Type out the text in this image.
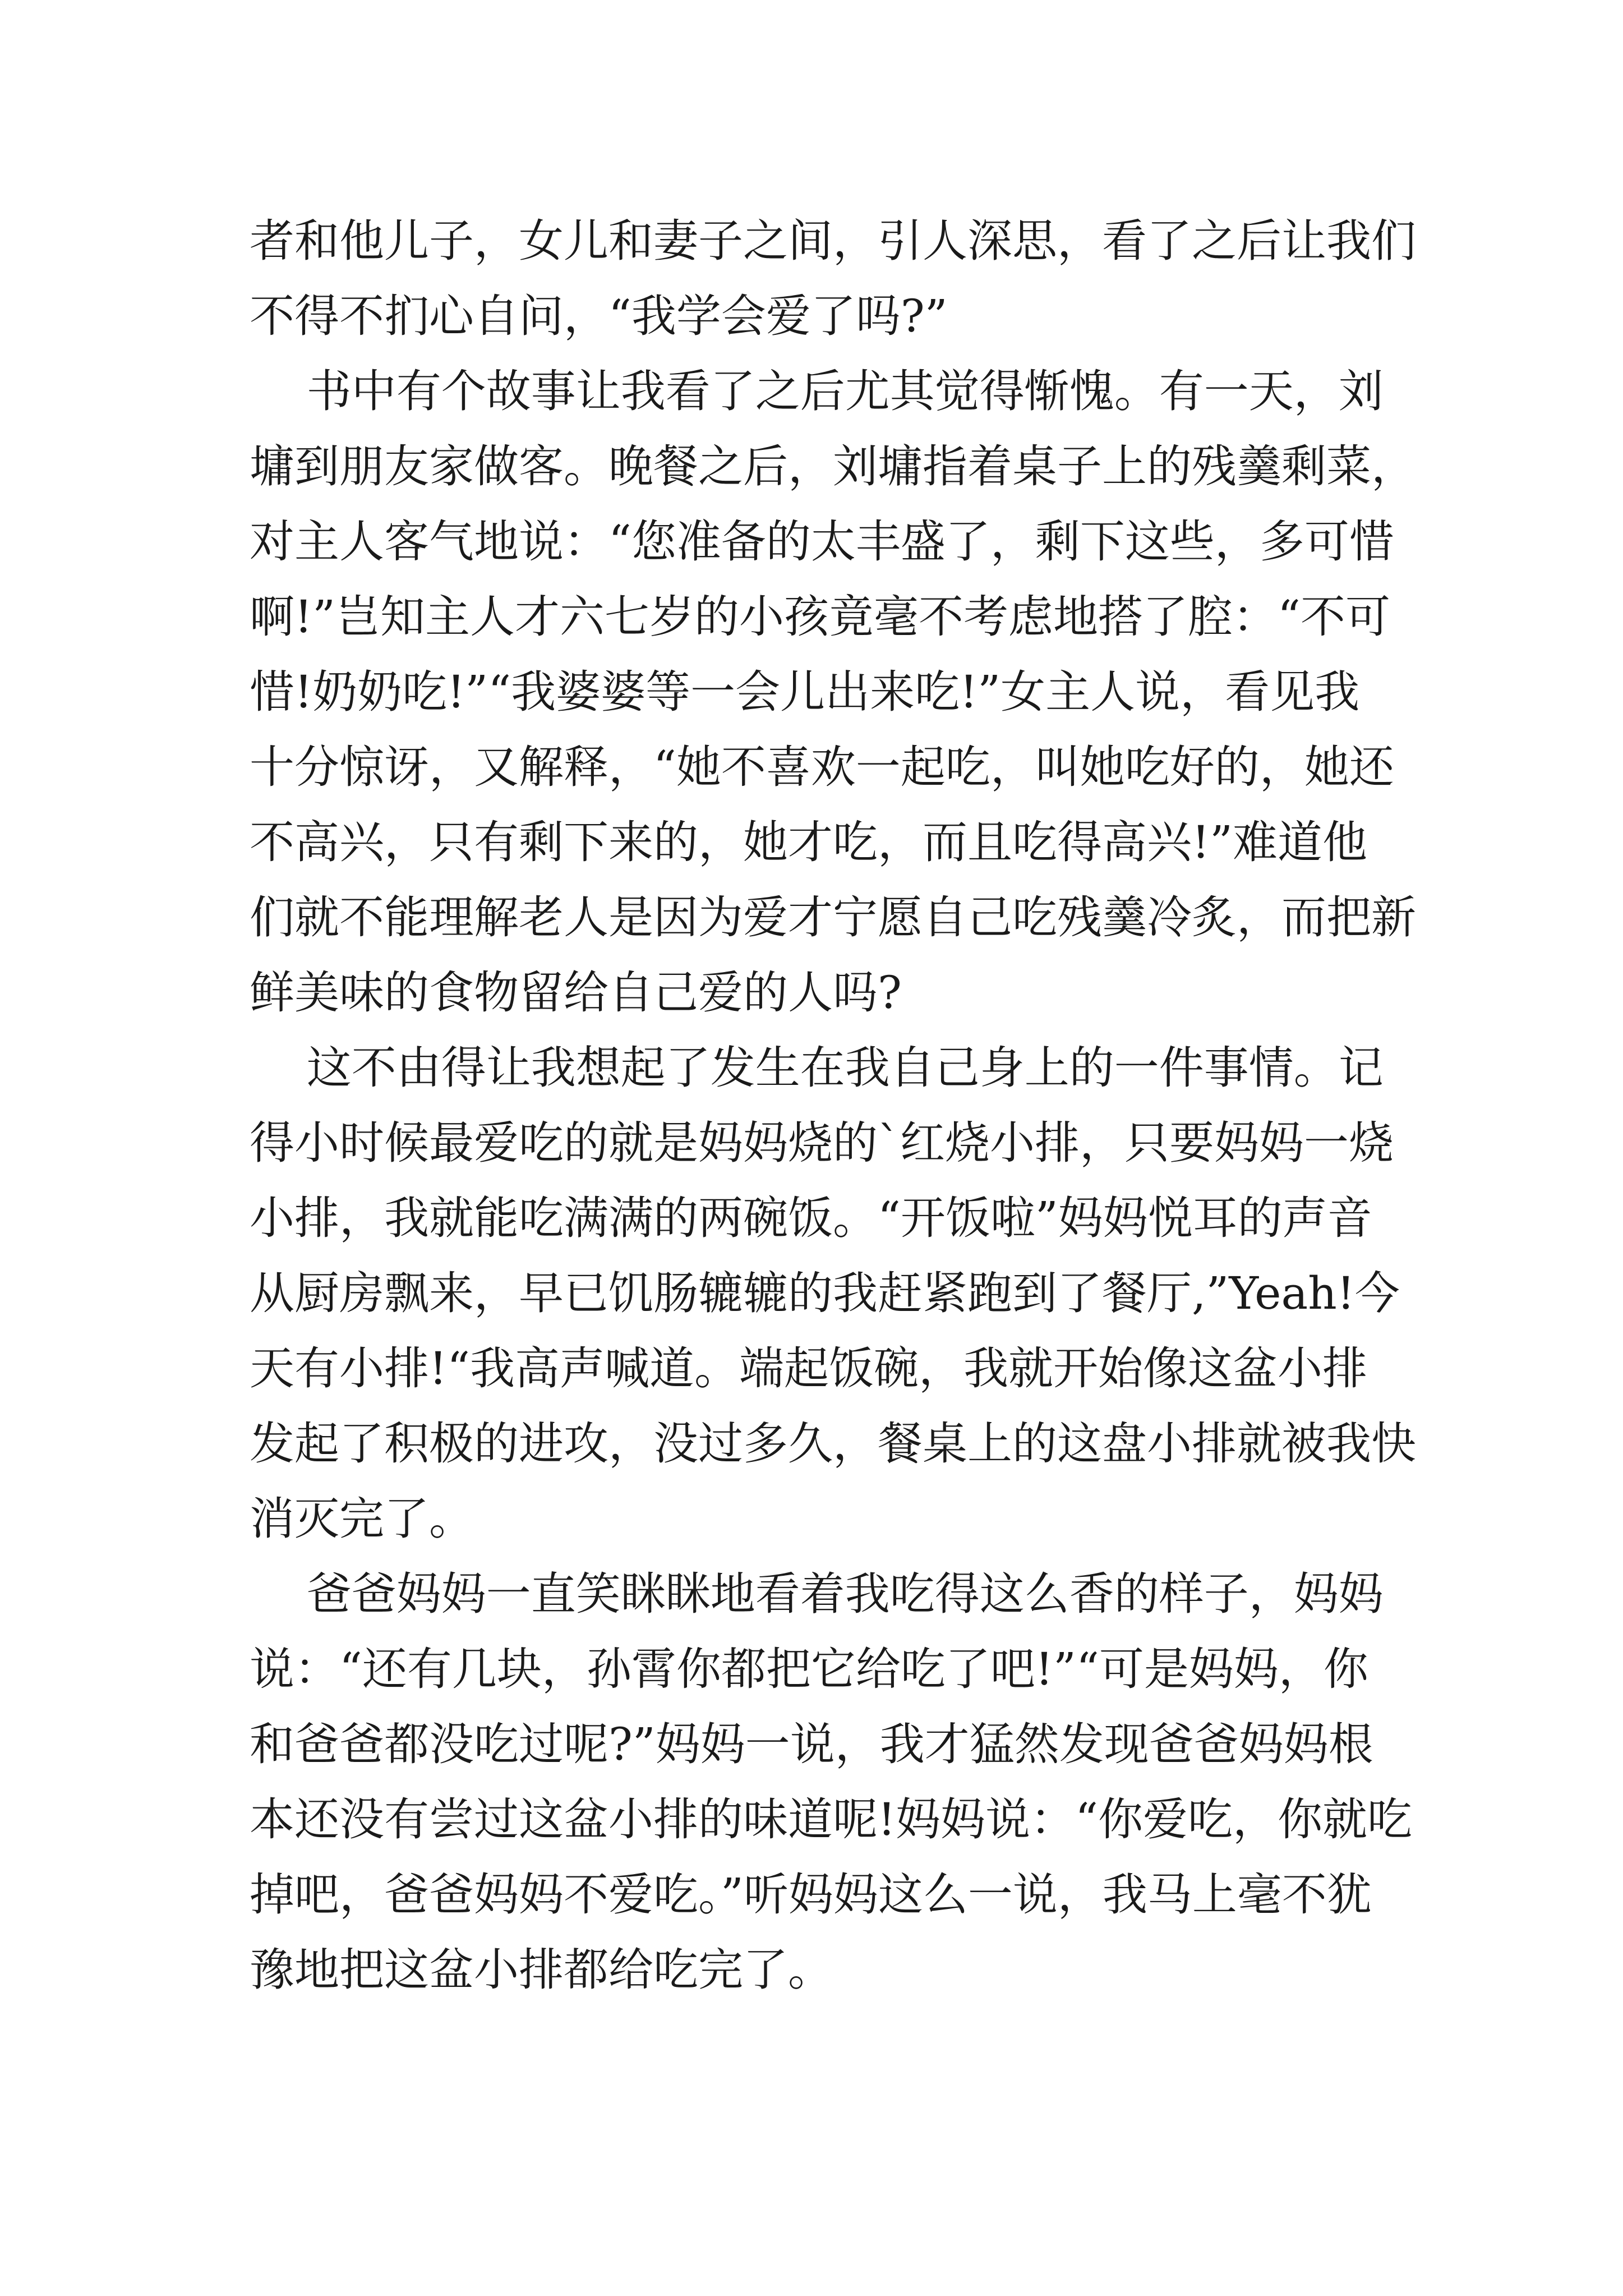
者和他儿子，女儿和妻子之间，引人深思，看了之后让我们

不得不扪心自问，“我学会爱了吗?”

书中有个故事让我看了之后尤其觉得惭愧。有一天，刘

墉到朋友家做客。晚餐之后，刘墉指着桌子上的残羹剩菜，

对主人客气地说：“您准备的太丰盛了，剩下这些，多可惜

啊!”岂知主人才六七岁的小孩竟毫不考虑地搭了腔：“不可

惜!奶奶吃!”“我婆婆等一会儿出来吃!”女主人说，看见我

十分惊讶，又解释，“她不喜欢一起吃，叫她吃好的，她还

不高兴，只有剩下来的，她才吃，而且吃得高兴!”难道他

们就不能理解老人是因为爱才宁愿自己吃残羹冷炙，而把新

鲜美味的食物留给自己爱的人吗?

这不由得让我想起了发生在我自己身上的一件事情。记

得小时候最爱吃的就是妈妈烧的`红烧小排，只要妈妈一烧

小排，我就能吃满满的两碗饭。“开饭啦”妈妈悦耳的声音

从厨房飘来，早已饥肠辘辘的我赶紧跑到了餐厅,”Yeah!今

天有小排!“我高声喊道。端起饭碗，我就开始像这盆小排

发起了积极的进攻，没过多久，餐桌上的这盘小排就被我快

消灭完了。

爸爸妈妈一直笑眯眯地看着我吃得这么香的样子，妈妈

说：“还有几块，孙霄你都把它给吃了吧!”“可是妈妈，你

和爸爸都没吃过呢?”妈妈一说，我才猛然发现爸爸妈妈根

本还没有尝过这盆小排的味道呢!妈妈说：“你爱吃，你就吃

掉吧，爸爸妈妈不爱吃。”听妈妈这么一说，我马上毫不犹

豫地把这盆小排都给吃完了。
